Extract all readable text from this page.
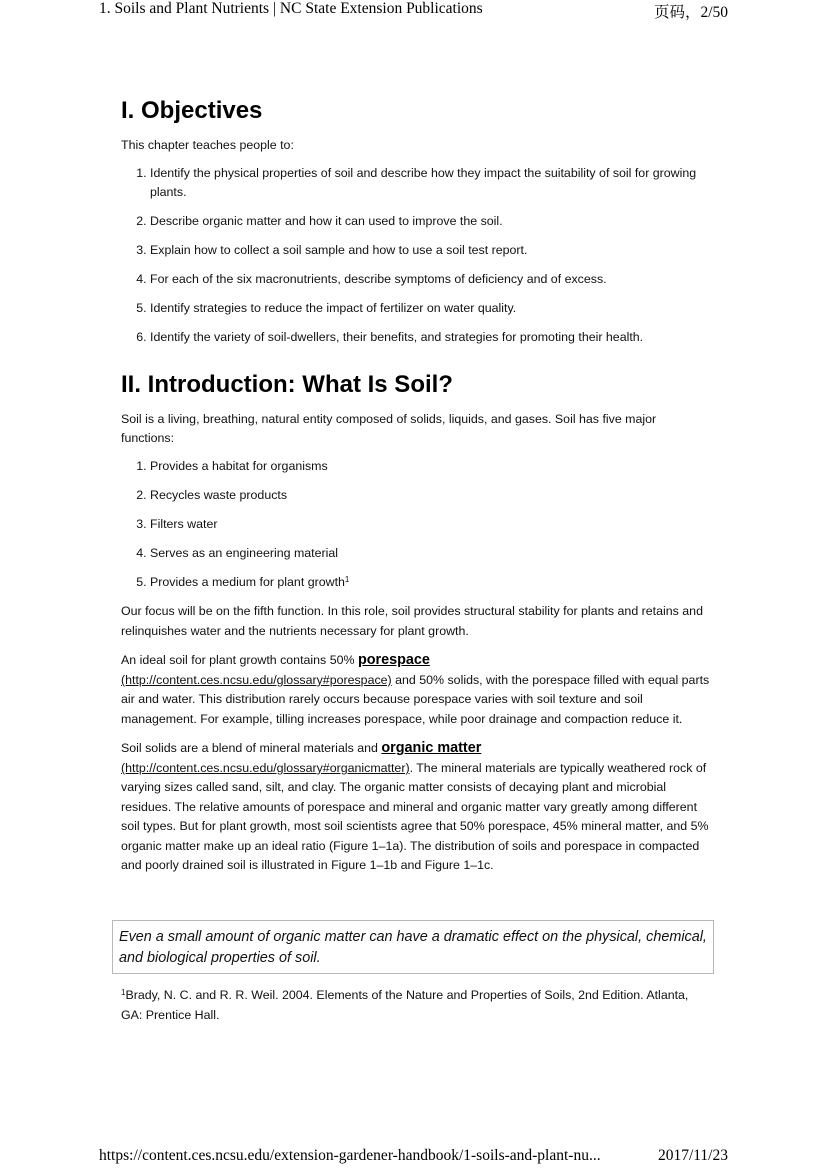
1. Soils and Plant Nutrients | NC State Extension Publications	页码，2/50
I. Objectives

This chapter teaches people to:

1. Identify the physical properties of soil and describe how they impact the suitability of soil for growing plants.
2. Describe organic matter and how it can used to improve the soil.
3. Explain how to collect a soil sample and how to use a soil test report.
4. For each of the six macronutrients, describe symptoms of deficiency and of excess.
5. Identify strategies to reduce the impact of fertilizer on water quality.
6. Identify the variety of soil-dwellers, their benefits, and strategies for promoting their health.
II. Introduction: What Is Soil?

Soil is a living, breathing, natural entity composed of solids, liquids, and gases. Soil has five major functions:

1. Provides a habitat for organisms
2. Recycles waste products
3. Filters water
4. Serves as an engineering material
5. Provides a medium for plant growth$^1$

Our focus will be on the fifth function. In this role, soil provides structural stability for plants and retains and relinquishes water and the nutrients necessary for plant growth.

An ideal soil for plant growth contains 50% porespace
(http://content.ces.ncsu.edu/glossary#porespace) and 50% solids, with the porespace filled with equal parts air and water. This distribution rarely occurs because porespace varies with soil texture and soil management. For example, tilling increases porespace, while poor drainage and compaction reduce it.

Soil solids are a blend of mineral materials and organic matter
(http://content.ces.ncsu.edu/glossary#organicmatter). The mineral materials are typically weathered rock of varying sizes called sand, silt, and clay. The organic matter consists of decaying plant and microbial residues. The relative amounts of porespace and mineral and organic matter vary greatly among different soil types. But for plant growth, most soil scientists agree that 50% porespace, 45% mineral matter, and 5% organic matter make up an ideal ratio (Figure 1–1a). The distribution of soils and porespace in compacted and poorly drained soil is illustrated in Figure 1–1b and Figure 1–1c.

Even a small amount of organic matter can have a dramatic effect on the physical, chemical, and biological properties of soil.
$^1$Brady, N. C. and R. R. Weil. 2004. Elements of the Nature and Properties of Soils, 2nd Edition. Atlanta, GA: Prentice Hall.
https://content.ces.ncsu.edu/extension-gardener-handbook/1-soils-and-plant-nu...	2017/11/23
